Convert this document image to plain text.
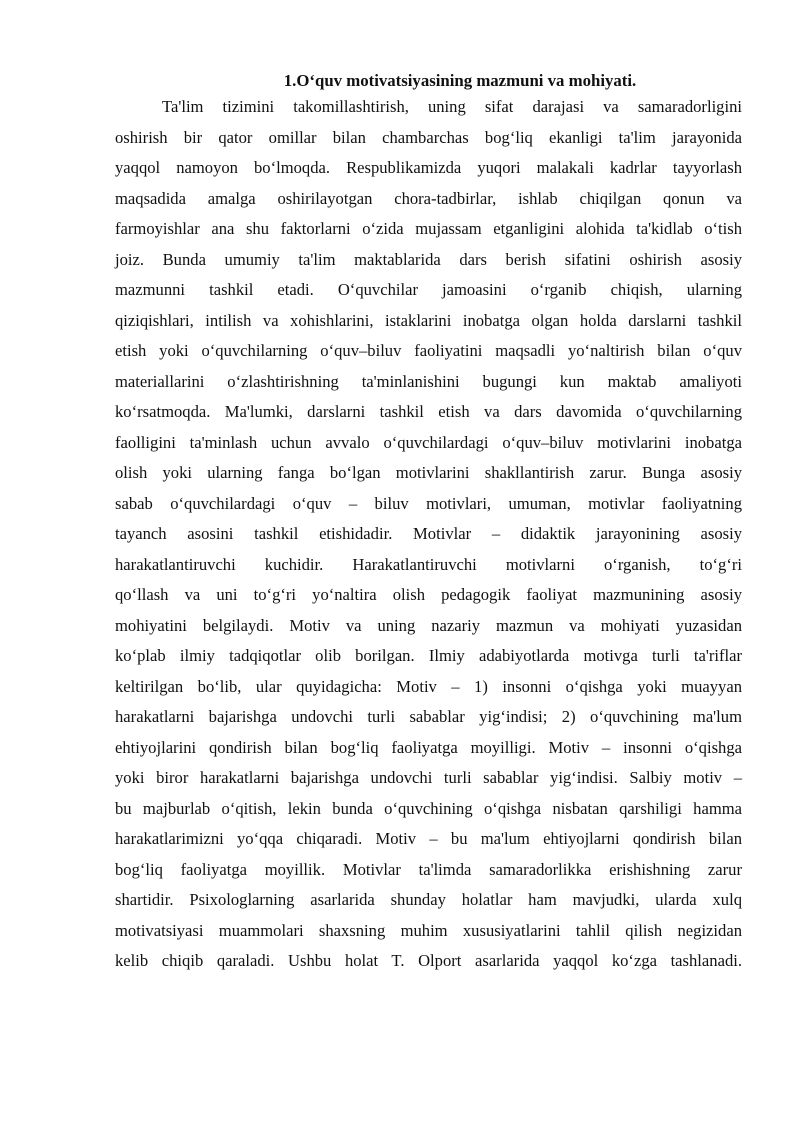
1.O‘quv motivatsiyasining mazmuni va mohiyati.
Ta'lim tizimini takomillashtirish, uning sifat darajasi va samaradorligini
oshirish bir qator omillar bilan chambarchas bog‘liq ekanligi ta'lim jarayonida
yaqqol namoyon bo‘lmoqda. Respublikamizda yuqori malakali kadrlar tayyorlash
maqsadida amalga oshirilayotgan chora-tadbirlar, ishlab chiqilgan qonun va
farmoyishlar ana shu faktorlarni o‘zida mujassam etganligini alohida ta'kidlab o‘tish
joiz. Bunda umumiy ta'lim maktablarida dars berish sifatini oshirish asosiy
mazmunni tashkil etadi. O‘quvchilar jamoasini o‘rganib chiqish, ularning
qiziqishlari, intilish va xohishlarini, istaklarini inobatga olgan holda darslarni tashkil
etish yoki o‘quvchilarning o‘quv–biluv faoliyatini maqsadli yo‘naltirish bilan o‘quv
materiallarini o‘zlashtirishning ta'minlanishini bugungi kun maktab amaliyoti
ko‘rsatmoqda. Ma'lumki, darslarni tashkil etish va dars davomida o‘quvchilarning
faolligini ta'minlash uchun avvalo o‘quvchilardagi o‘quv–biluv motivlarini inobatga
olish yoki ularning fanga bo‘lgan motivlarini shakllantirish zarur. Bunga asosiy
sabab o‘quvchilardagi o‘quv – biluv motivlari, umuman, motivlar faoliyatning
tayanch asosini tashkil etishidadir. Motivlar – didaktik jarayonining asosiy
harakatlantiruvchi kuchidir. Harakatlantiruvchi motivlarni o‘rganish, to‘g‘ri
qo‘llash va uni to‘g‘ri yo‘naltira olish pedagogik faoliyat mazmunining asosiy
mohiyatini belgilaydi. Motiv va uning nazariy mazmun va mohiyati yuzasidan
ko‘plab ilmiy tadqiqotlar olib borilgan. Ilmiy adabiyotlarda motivga turli ta'riflar
keltirilgan bo‘lib, ular quyidagicha: Motiv – 1) insonni o‘qishga yoki muayyan
harakatlarni bajarishga undovchi turli sabablar yig‘indisi; 2) o‘quvchining ma'lum
ehtiyojlarini qondirish bilan bog‘liq faoliyatga moyilligi. Motiv – insonni o‘qishga
yoki biror harakatlarni bajarishga undovchi turli sabablar yig‘indisi. Salbiy motiv –
bu majburlab o‘qitish, lekin bunda o‘quvchining o‘qishga nisbatan qarshiligi hamma
harakatlarimizni yo‘qqa chiqaradi. Motiv – bu ma'lum ehtiyojlarni qondirish bilan
bog‘liq faoliyatga moyillik. Motivlar ta'limda samaradorlikka erishishning zarur
shartidir. Psixologlarning asarlarida shunday holatlar ham mavjudki, ularda xulq
motivatsiyasi muammolari shaxsning muhim xususiyatlarini tahlil qilish negizidan
kelib chiqib qaraladi. Ushbu holat T. Olport asarlarida yaqqol ko‘zga tashlanadi.
